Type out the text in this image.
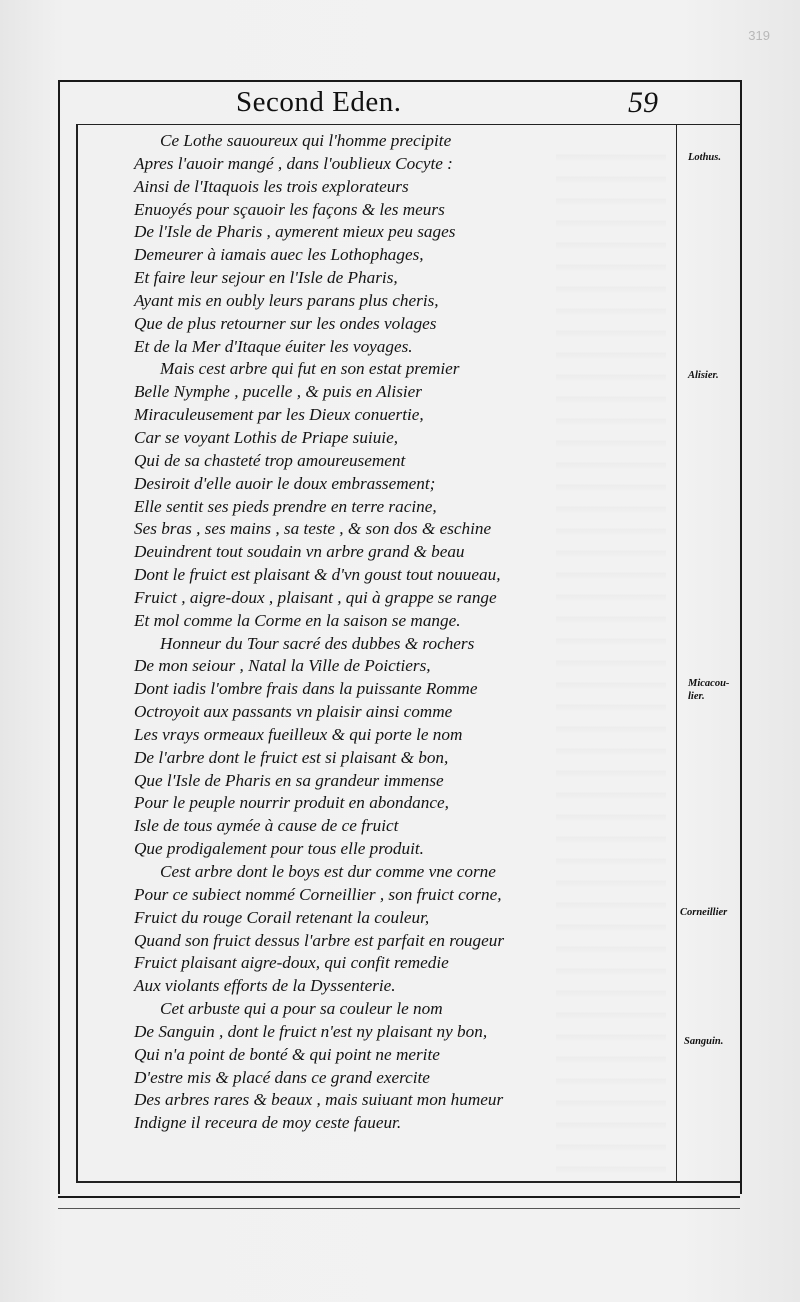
319
Second Eden.	59
Ce Lothe sauoureux qui l'homme precipite
Apres l'auoir mangé , dans l'oublieux Cocyte :
Ainsi de l'Itaquois les trois explorateurs
Enuoyés pour sçauoir les façons & les meurs
De l'Isle de Pharis , aymerent mieux peu sages
Demeurer à iamais auec les Lothophages,
Et faire leur sejour en l'Isle de Pharis,
Ayant mis en oubly leurs parans plus cheris,
Que de plus retourner sur les ondes volages
Et de la Mer d'Itaque éuiter les voyages.
Mais cest arbre qui fut en son estat premier
Belle Nymphe , pucelle , & puis en Alisier
Miraculeusement par les Dieux conuertie,
Car se voyant Lothis de Priape suiuie,
Qui de sa chasteté trop amoureusement
Desiroit d'elle auoir le doux embrassement;
Elle sentit ses pieds prendre en terre racine,
Ses bras , ses mains , sa teste , & son dos & eschine
Deuindrent tout soudain vn arbre grand & beau
Dont le fruict est plaisant & d'vn goust tout nouueau,
Fruict , aigre-doux , plaisant , qui à grappe se range
Et mol comme la Corme en la saison se mange.
Honneur du Tour sacré des dubbes & rochers
De mon seiour , Natal la Ville de Poictiers,
Dont iadis l'ombre frais dans la puissante Romme
Octroyoit aux passants vn plaisir ainsi comme
Les vrays ormeaux fueilleux & qui porte le nom
De l'arbre dont le fruict est si plaisant & bon,
Que l'Isle de Pharis en sa grandeur immense
Pour le peuple nourrir produit en abondance,
Isle de tous aymée à cause de ce fruict
Que prodigalement pour tous elle produit.
Cest arbre dont le boys est dur comme vne corne
Pour ce subiect nommé Corneillier , son fruict corne,
Fruict du rouge Corail retenant la couleur,
Quand son fruict dessus l'arbre est parfait en rougeur
Fruict plaisant aigre-doux, qui confit remedie
Aux violants efforts de la Dyssenterie.
Cet arbuste qui a pour sa couleur le nom
De Sanguin , dont le fruict n'est ny plaisant ny bon,
Qui n'a point de bonté & qui point ne merite
D'estre mis & placé dans ce grand exercite
Des arbres rares & beaux , mais suiuant mon humeur
Indigne il receura de moy ceste faueur.
Lothus.
Alisier.
Micacou-lier.
Corneillier
Sanguin.
